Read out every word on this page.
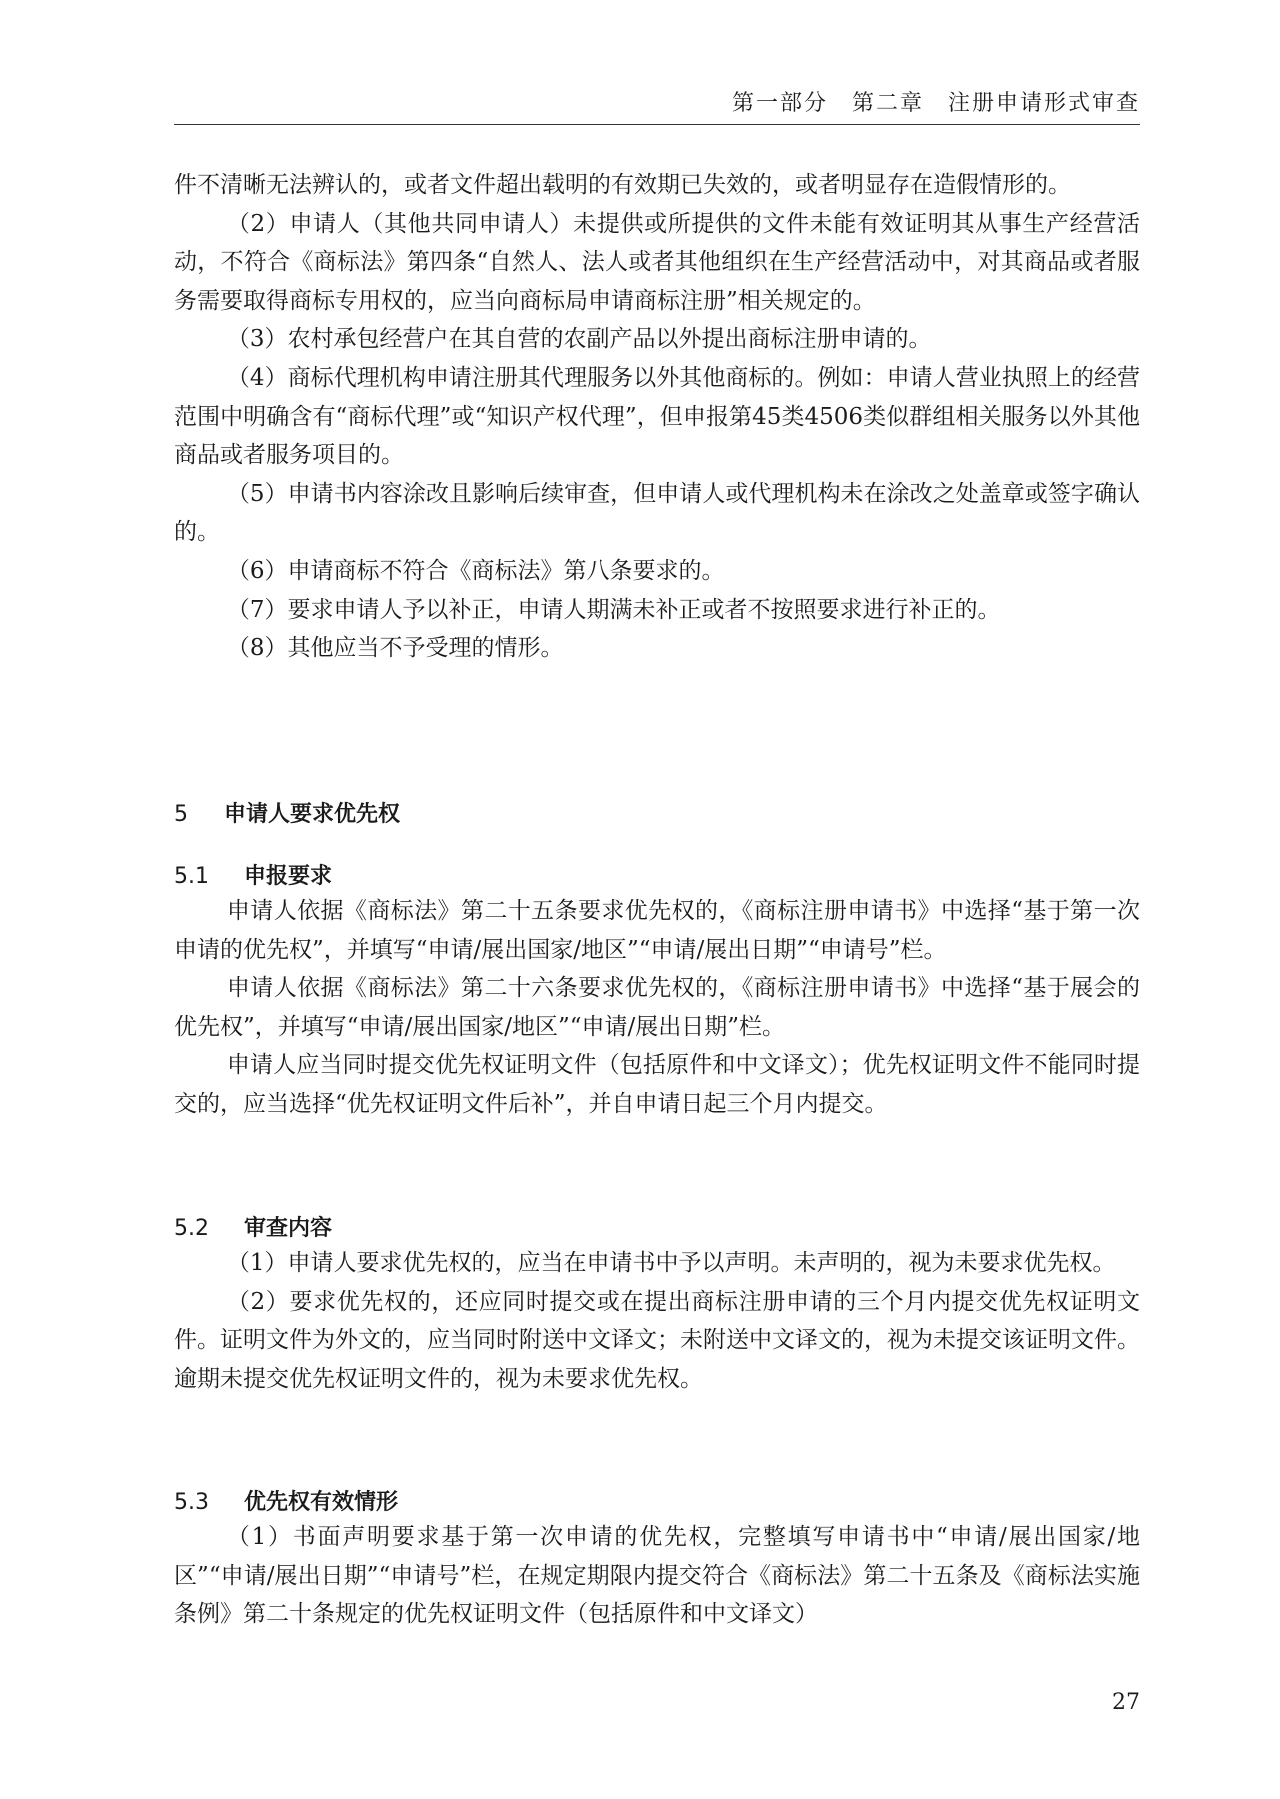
第一部分　第二章　注册申请形式审查

件不清晰无法辨认的，或者文件超出载明的有效期已失效的，或者明显存在造假情形的。

（2）申请人（其他共同申请人）未提供或所提供的文件未能有效证明其从事生产经营活动，不符合《商标法》第四条“自然人、法人或者其他组织在生产经营活动中，对其商品或者服务需要取得商标专用权的，应当向商标局申请商标注册”相关规定的。

（3）农村承包经营户在其自营的农副产品以外提出商标注册申请的。

（4）商标代理机构申请注册其代理服务以外其他商标的。例如：申请人营业执照上的经营范围中明确含有“商标代理”或“知识产权代理”，但申报第45类4506类似群组相关服务以外其他商品或者服务项目的。

（5）申请书内容涂改且影响后续审查，但申请人或代理机构未在涂改之处盖章或签字确认的。

（6）申请商标不符合《商标法》第八条要求的。

（7）要求申请人予以补正，申请人期满未补正或者不按照要求进行补正的。

（8）其他应当不予受理的情形。

5 申请人要求优先权
5.1 申报要求

申请人依据《商标法》第二十五条要求优先权的，《商标注册申请书》中选择“基于第一次申请的优先权”，并填写“申请/展出国家/地区”“申请/展出日期”“申请号”栏。

申请人依据《商标法》第二十六条要求优先权的，《商标注册申请书》中选择“基于展会的优先权”，并填写“申请/展出国家/地区”“申请/展出日期”栏。

申请人应当同时提交优先权证明文件（包括原件和中文译文）；优先权证明文件不能同时提交的，应当选择“优先权证明文件后补”，并自申请日起三个月内提交。

5.2 审查内容

（1）申请人要求优先权的，应当在申请书中予以声明。未声明的，视为未要求优先权。

（2）要求优先权的，还应同时提交或在提出商标注册申请的三个月内提交优先权证明文件。证明文件为外文的，应当同时附送中文译文；未附送中文译文的，视为未提交该证明文件。逾期未提交优先权证明文件的，视为未要求优先权。

5.3 优先权有效情形

（1）书面声明要求基于第一次申请的优先权，完整填写申请书中“申请/展出国家/地区”“申请/展出日期”“申请号”栏，在规定期限内提交符合《商标法》第二十五条及《商标法实施条例》第二十条规定的优先权证明文件（包括原件和中文译文）

27
